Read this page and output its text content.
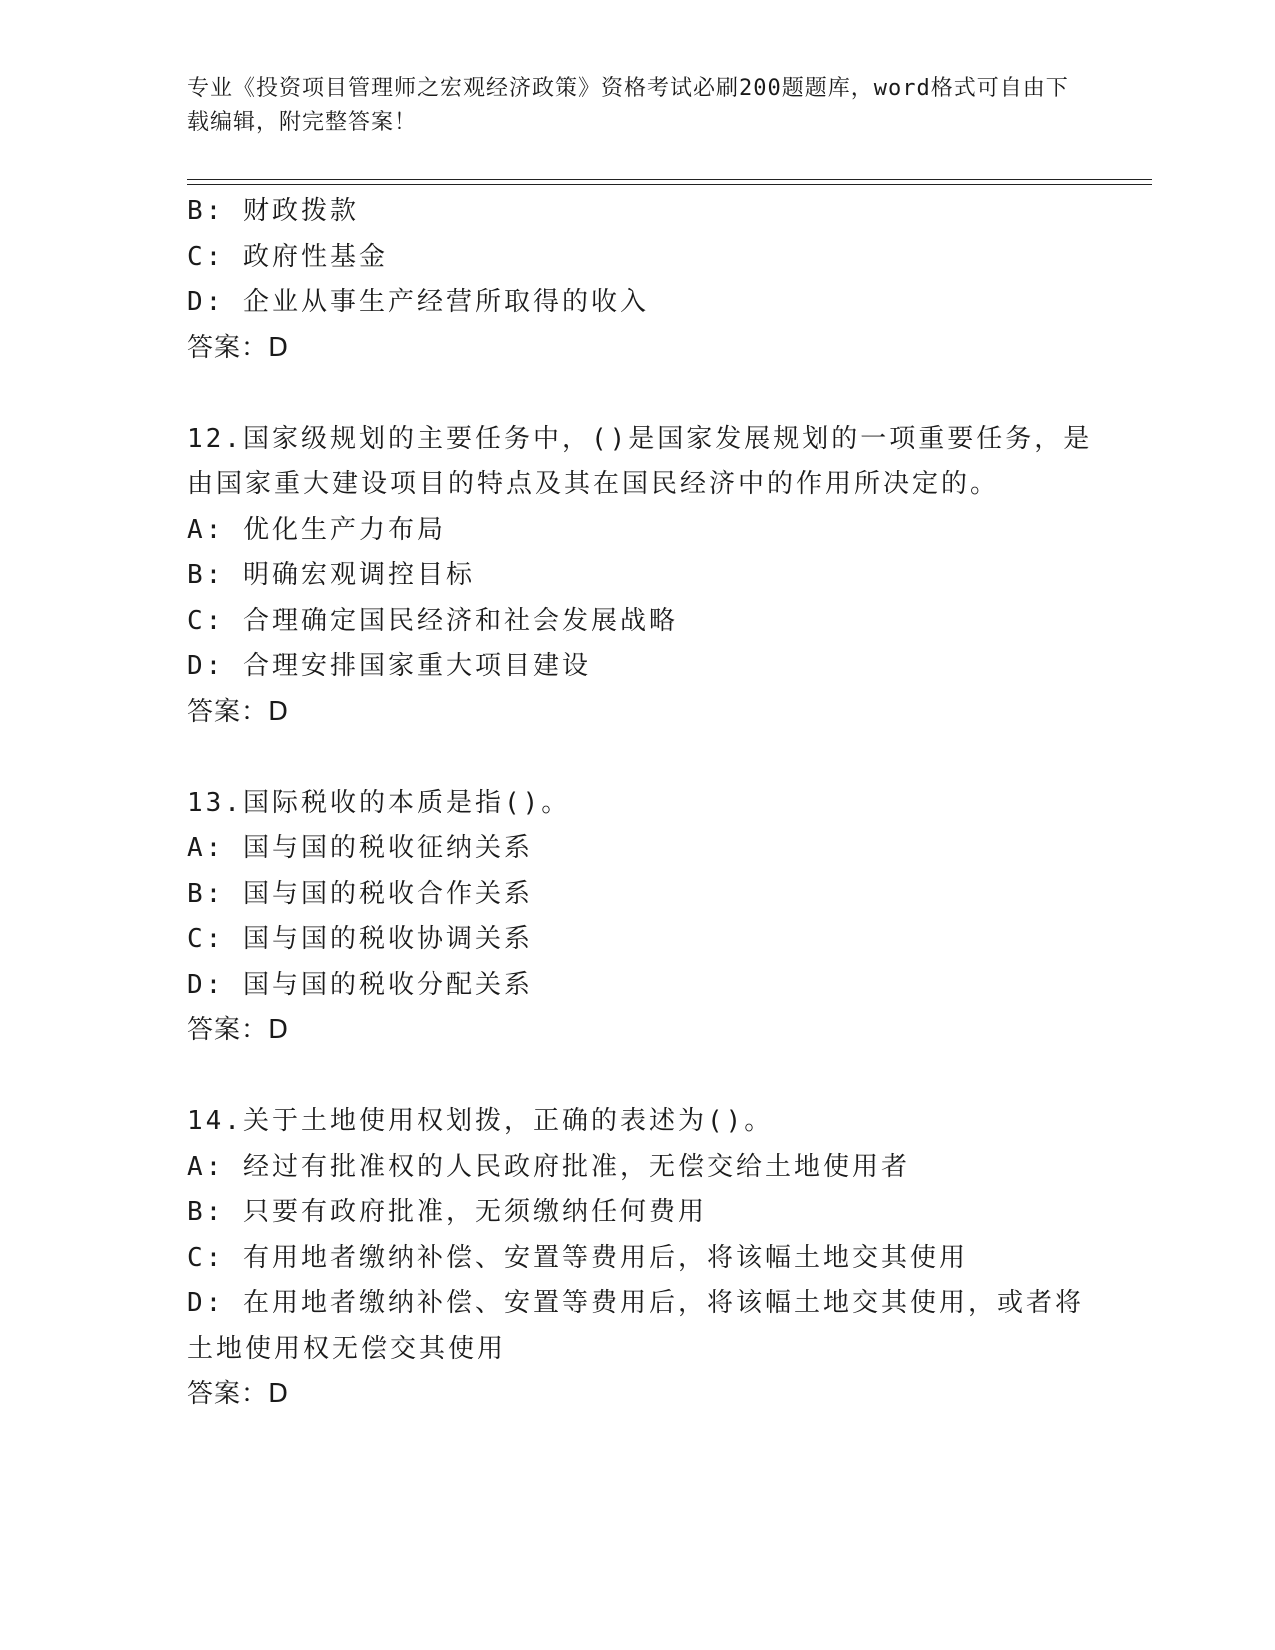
专业《投资项目管理师之宏观经济政策》资格考试必刷200题题库，word格式可自由下载编辑，附完整答案！
B: 财政拨款
C: 政府性基金
D: 企业从事生产经营所取得的收入
答案：D
12.国家级规划的主要任务中，()是国家发展规划的一项重要任务，是由国家重大建设项目的特点及其在国民经济中的作用所决定的。
A: 优化生产力布局
B: 明确宏观调控目标
C: 合理确定国民经济和社会发展战略
D: 合理安排国家重大项目建设
答案：D
13.国际税收的本质是指()。
A: 国与国的税收征纳关系
B: 国与国的税收合作关系
C: 国与国的税收协调关系
D: 国与国的税收分配关系
答案：D
14.关于土地使用权划拨，正确的表述为()。
A: 经过有批准权的人民政府批准，无偿交给土地使用者
B: 只要有政府批准，无须缴纳任何费用
C: 有用地者缴纳补偿、安置等费用后，将该幅土地交其使用
D: 在用地者缴纳补偿、安置等费用后，将该幅土地交其使用，或者将土地使用权无偿交其使用
答案：D
